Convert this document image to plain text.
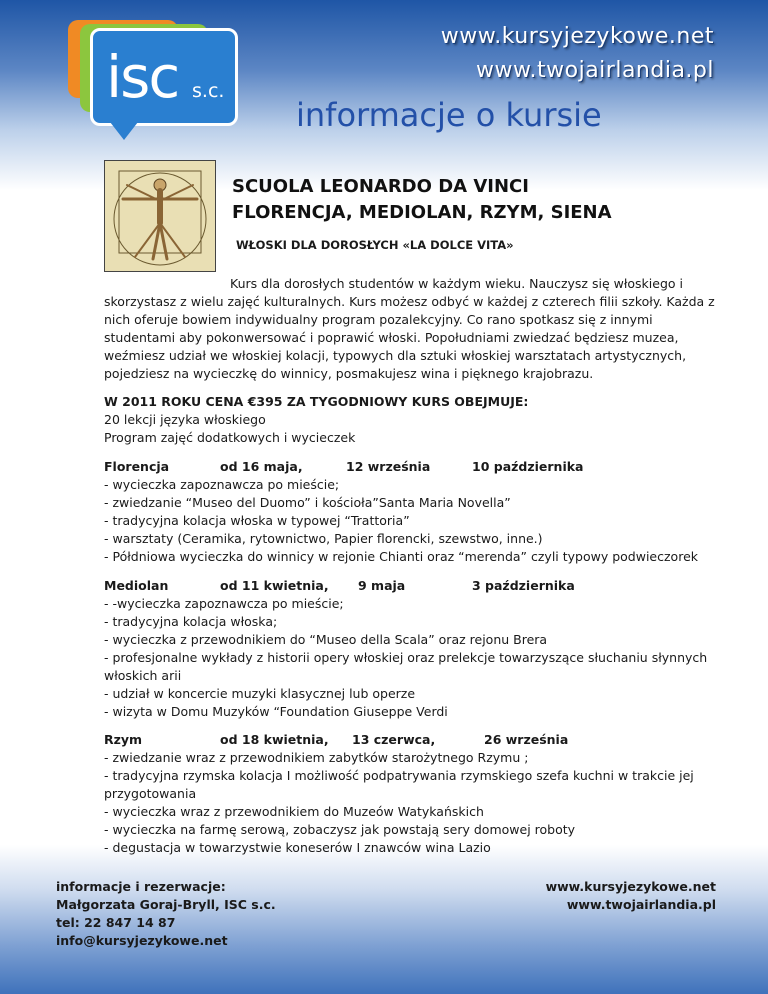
isc s.c.
www.kursyjezykowe.net
www.twojairlandia.pl
informacje o kursie
SCUOLA LEONARDO DA VINCI
FLORENCJA, MEDIOLAN, RZYM, SIENA
WŁOSKI DLA DOROSŁYCH «LA DOLCE VITA»
Kurs dla dorosłych studentów w każdym wieku. Nauczysz się włoskiego i skorzystasz z wielu zajęć kulturalnych. Kurs możesz odbyć w każdej z czterech filii szkoły. Każda z nich oferuje bowiem indywidualny program pozalekcyjny. Co rano spotkasz się z innymi studentami aby pokonwersować i poprawić włoski. Popołudniami zwiedzać będziesz muzea, weźmiesz udział we włoskiej kolacji, typowych dla sztuki włoskiej warsztatach artystycznych, pojedziesz na wycieczkę do winnicy, posmakujesz wina i pięknego krajobrazu.

W 2011 ROKU CENA €395 ZA TYGODNIOWY KURS OBEJMUJE:

20 lekcji języka włoskiego

Program zajęć dodatkowych i wycieczek

Florencja	od 16 maja,	12 września	10 października

- wycieczka zapoznawcza po mieście;

- zwiedzanie “Museo del Duomo” i kościoła”Santa Maria Novella”

- tradycyjna kolacja włoska w typowej “Trattoria”

- warsztaty (Ceramika, rytownictwo, Papier florencki, szewstwo, inne.)

- Półdniowa wycieczka do winnicy w rejonie Chianti oraz “merenda” czyli typowy podwieczorek

Mediolan	od 11 kwietnia, 9 maja	3 października

- -wycieczka zapoznawcza po mieście;

- tradycyjna kolacja włoska;

- wycieczka z przewodnikiem do “Museo della Scala” oraz rejonu Brera

- profesjonalne wykłady z historii opery włoskiej oraz prelekcje towarzyszące słuchaniu słynnych włoskich arii

- udział w koncercie muzyki klasycznej lub operze

- wizyta w Domu Muzyków “Foundation Giuseppe Verdi

Rzym	od 18 kwietnia, 13 czerwca,	26 września

- zwiedzanie wraz z przewodnikiem zabytków starożytnego Rzymu ;

- tradycyjna rzymska kolacja I możliwość podpatrywania rzymskiego szefa kuchni w trakcie jej przygotowania

- wycieczka wraz z przewodnikiem do Muzeów Watykańskich

- wycieczka na farmę serową, zobaczysz jak powstają sery domowej roboty

- degustacja w towarzystwie koneserów I znawców wina Lazio

informacje i rezerwacje:
Małgorzata Goraj-Bryll, ISC s.c.
tel: 22 847 14 87
info@kursyjezykowe.net
www.kursyjezykowe.net
www.twojairlandia.pl
